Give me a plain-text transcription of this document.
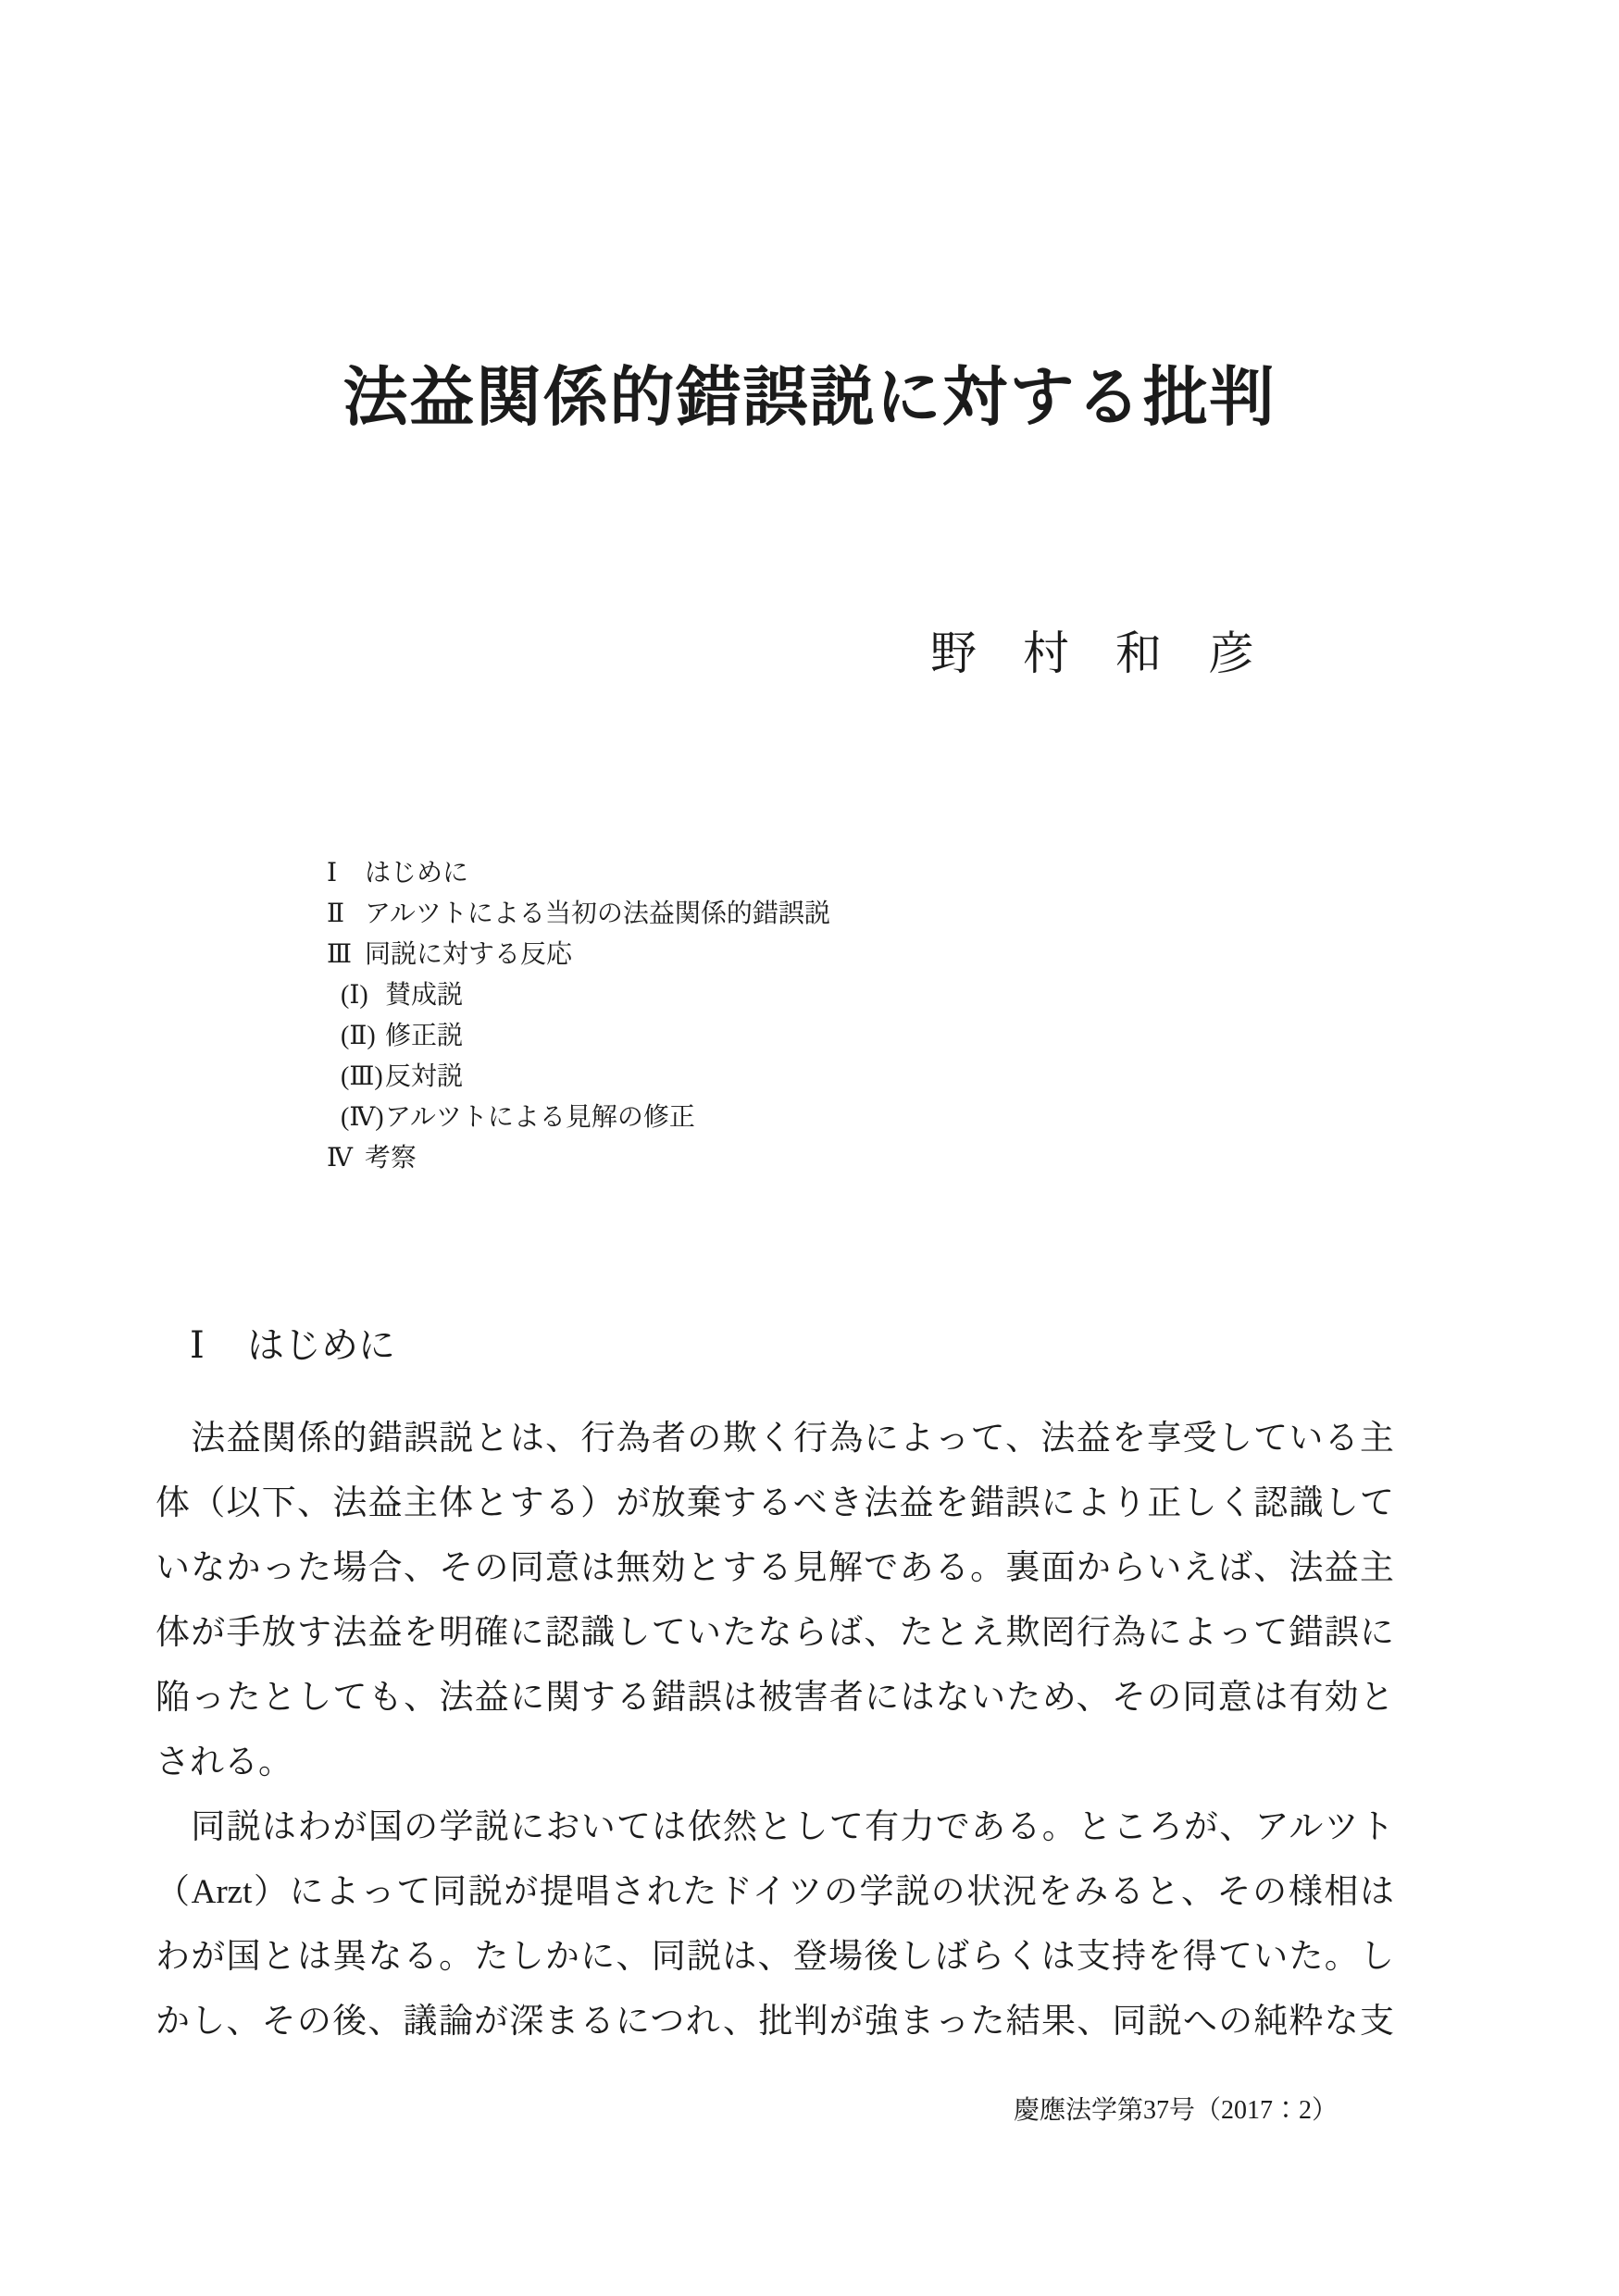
法益関係的錯誤説に対する批判
野　村　和　彦
Ⅰ はじめに
Ⅱ アルツトによる当初の法益関係的錯誤説
Ⅲ 同説に対する反応
(Ⅰ) 賛成説
(Ⅱ) 修正説
(Ⅲ)反対説
(Ⅳ)アルツトによる見解の修正
Ⅳ 考察
Ⅰ はじめに
　法益関係的錯誤説とは、行為者の欺く行為によって、法益を享受している主
体（以下、法益主体とする）が放棄するべき法益を錯誤により正しく認識して
いなかった場合、その同意は無効とする見解である。裏面からいえば、法益主
体が手放す法益を明確に認識していたならば、たとえ欺罔行為によって錯誤に
陥ったとしても、法益に関する錯誤は被害者にはないため、その同意は有効と
される。
　同説はわが国の学説においては依然として有力である。ところが、アルツト
（Arzt）によって同説が提唱されたドイツの学説の状況をみると、その様相は
わが国とは異なる。たしかに、同説は、登場後しばらくは支持を得ていた。し
かし、その後、議論が深まるにつれ、批判が強まった結果、同説への純粋な支
慶應法学第37号（2017：2）
